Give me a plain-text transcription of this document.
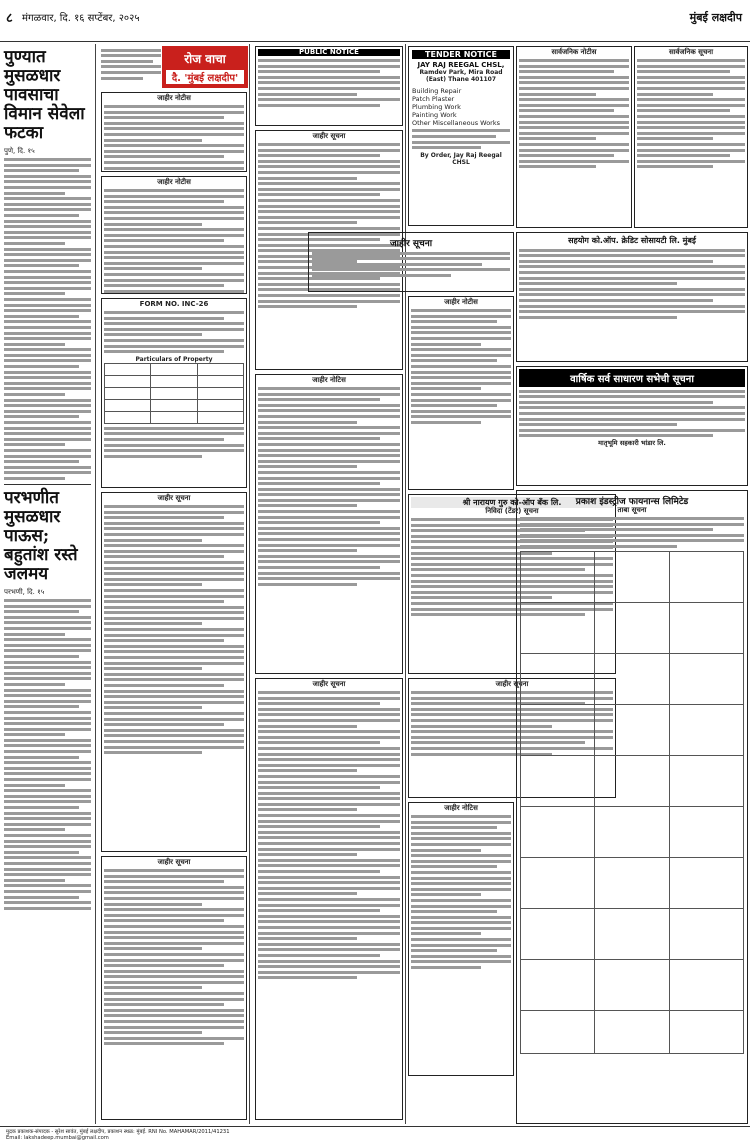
८ मंगळवार, दि. १६ सप्टेंबर, २०२५	मुंबई लक्षदीप
पुण्यात मुसळधार पावसाचा विमान सेवेला फटका
पुणे, दि. १५
परभणीत मुसळधार पाऊस; बहुतांश रस्ते जलमय
परभणी, दि. १५
रोज वाचा
दै. 'मुंबई लक्षदीप'
जाहीर नोटीस
जाहीर नोटीस
FORM NO. INC-26
Particulars of Property

जाहीर सूचना
जाहीर सूचना
PUBLIC NOTICE
जाहीर सूचना
जाहीर नोटिस
जाहीर सूचना
TENDER NOTICE
JAY RAJ REEGAL CHSL,
Ramdev Park, Mira Road (East) Thane 401107
Building Repair
Patch Plaster
Plumbing Work
Painting Work
Other Miscellaneous Works
By Order, Jay Raj Reegal CHSL
जाहीर सूचना
सार्वजनिक नोटीस	सार्वजनिक सूचना
सहयोग को.ऑप. क्रेडिट सोसायटी लि. मुंबई
वार्षिक सर्व साधारण सभेची सूचना
मातृभूमि सहकारी भांडार लि.
जाहीर नोटीस
श्री नारायण गुरु को-ऑप बँक लि.
निविदा (टेंडर) सूचना
जाहीर सूचना
प्रकाश इंडस्ट्रीज फायनान्स लिमिटेड
ताबा सूचना

जाहीर नोटिस
मुद्रक प्रकाशक-संपादक - सुरेश सावंत, मुंबई लक्षदीप, प्रकाशन स्थळ: मुंबई. RNI No. MAHAMAR/2011/41231
Email: lakshadeep.mumbai@gmail.com
